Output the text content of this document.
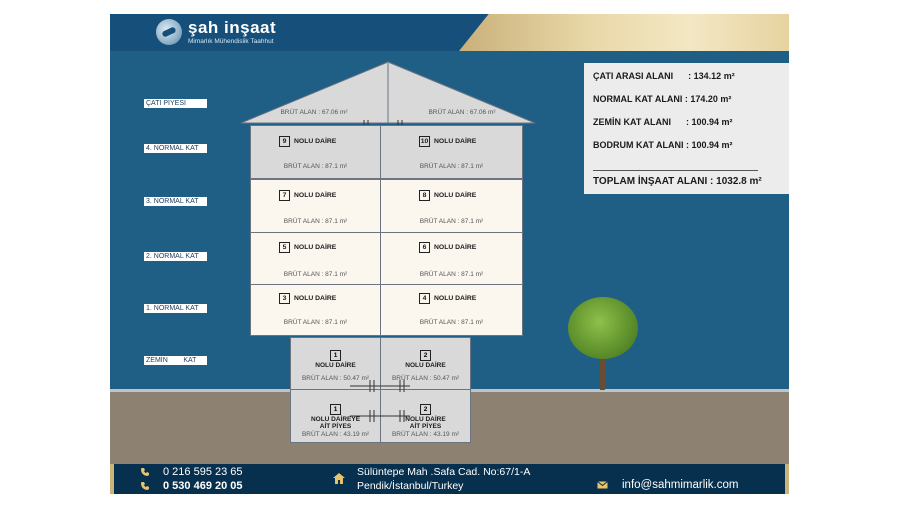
şah inşaat
Mimarlık Mühendislik Taahhut
ÇATI PİYESİ
4. NORMAL KAT
3. NORMAL KAT
2. NORMAL KAT
1. NORMAL KAT
ZEMİN        KAT
ÇATI ARASI ALANI      : 134.12 m²
NORMAL KAT ALANI : 174.20 m²
ZEMİN KAT ALANI      : 100.94 m²
BODRUM KAT ALANI : 100.94 m²
TOPLAM İNŞAAT ALANI : 1032.8 m²
BRÜT ALAN : 67.06 m²	BRÜT ALAN : 67.06 m²
9 NOLU DAİRE
BRÜT ALAN : 87.1 m²
10 NOLU DAİRE
BRÜT ALAN : 87.1 m²
7 NOLU DAİRE
BRÜT ALAN : 87.1 m²
8 NOLU DAİRE
BRÜT ALAN : 87.1 m²
5 NOLU DAİRE
BRÜT ALAN : 87.1 m²
6 NOLU DAİRE
BRÜT ALAN : 87.1 m²
3 NOLU DAİRE
BRÜT ALAN : 87.1 m²
4 NOLU DAİRE
BRÜT ALAN : 87.1 m²
1
NOLU DAİRE
BRÜT ALAN : 50.47 m²
2
NOLU DAİRE
BRÜT ALAN : 50.47 m²
1
NOLU DAİREYE
AİT PİYES
BRÜT ALAN : 43.19 m²
2
NOLU DAİRE
AİT PİYES
BRÜT ALAN : 43.19 m²
0 216 595 23 65
0 530 469 20 05
Sülüntepe Mah .Safa Cad. No:67/1-A
Pendik/İstanbul/Turkey	info@sahmimarlik.com
